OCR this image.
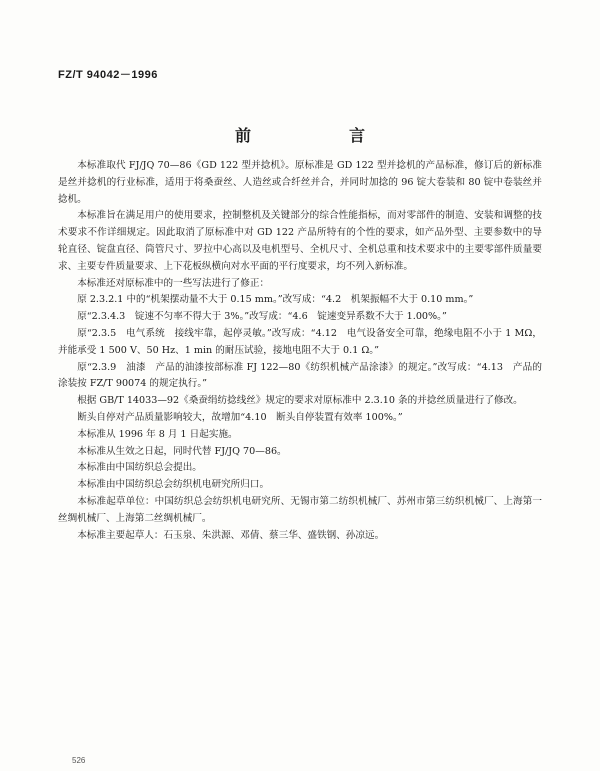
FZ/T 94042－1996
前　　言

本标准取代 FJ/JQ 70—86《GD 122 型并捻机》。原标准是 GD 122 型并捻机的产品标准，修订后的新标准是丝并捻机的行业标准，适用于将桑蚕丝、人造丝或合纤丝并合，并同时加捻的 96 锭大卷装和 80 锭中卷装丝并捻机。

本标准旨在满足用户的使用要求，控制整机及关键部分的综合性能指标，而对零部件的制造、安装和调整的技术要求不作详细规定。因此取消了原标准中对 GD 122 产品所特有的个性的要求，如产品外型、主要参数中的导轮直径、锭盘直径、筒管尺寸、罗拉中心高以及电机型号、全机尺寸、全机总重和技术要求中的主要零部件质量要求、主要专件质量要求、上下花板纵横向对水平面的平行度要求，均不列入新标准。

本标准还对原标准中的一些写法进行了修正：

原 2.3.2.1 中的“机架摆动量不大于 0.15 mm。”改写成：“4.2　机架振幅不大于 0.10 mm。”

原“2.3.4.3　锭速不匀率不得大于 3%。”改写成：“4.6　锭速变异系数不大于 1.00%。”

原“2.3.5　电气系统　接线牢靠，起停灵敏。”改写成：“4.12　电气设备安全可靠，绝缘电阻不小于 1 MΩ，并能承受 1 500 V、50 Hz、1 min 的耐压试验，接地电阻不大于 0.1 Ω。”

原“2.3.9　油漆　产品的油漆按部标准 FJ 122—80《纺织机械产品涂漆》的规定。”改写成：“4.13　产品的涂装按 FZ/T 90074 的规定执行。”

根据 GB/T 14033—92《桑蚕绢纺捻线丝》规定的要求对原标准中 2.3.10 条的并捻丝质量进行了修改。

断头自停对产品质量影响较大，故增加“4.10　断头自停装置有效率 100%。”

本标准从 1996 年 8 月 1 日起实施。

本标准从生效之日起，同时代替 FJ/JQ 70—86。

本标准由中国纺织总会提出。

本标准由中国纺织总会纺织机电研究所归口。

本标准起草单位：中国纺织总会纺织机电研究所、无锡市第二纺织机械厂、苏州市第三纺织机械厂、上海第一丝绸机械厂、上海第二丝绸机械厂。

本标准主要起草人：石玉泉、朱洪源、邓倩、蔡三华、盛铁钢、孙凉远。

526
